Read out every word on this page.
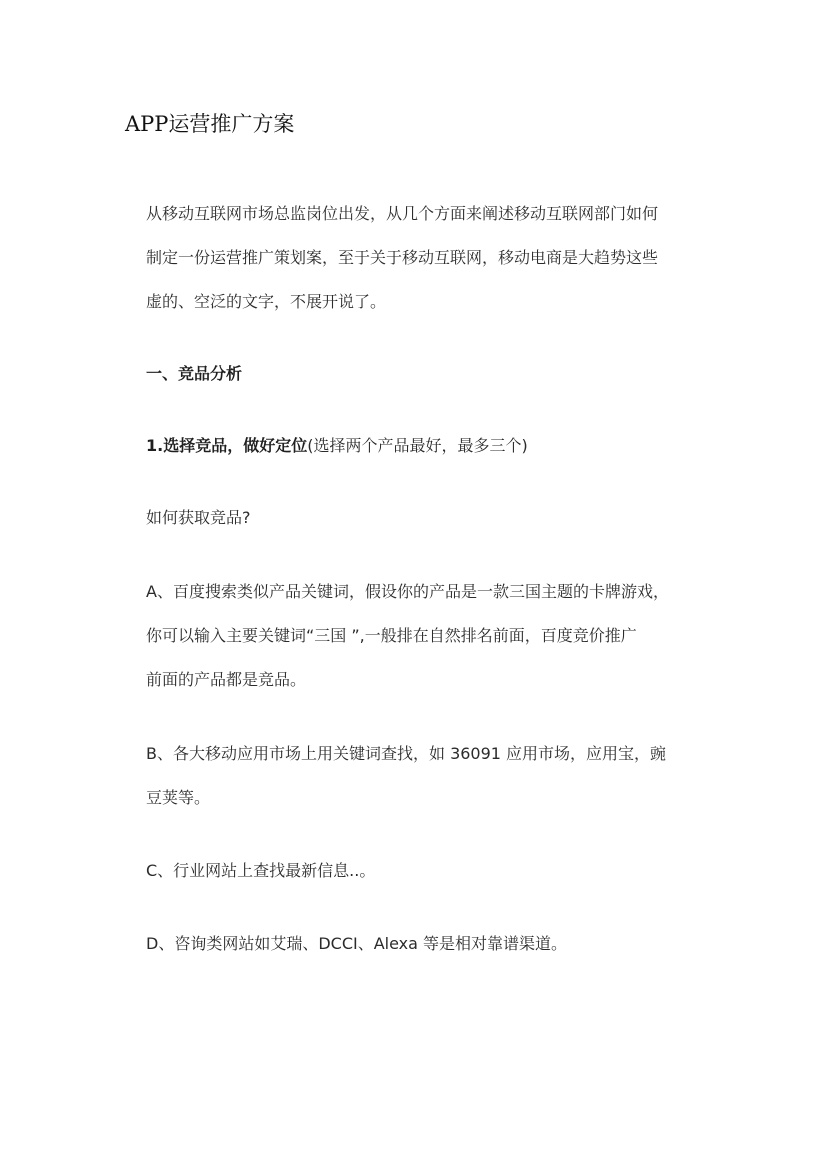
APP运营推广方案
从移动互联网市场总监岗位出发，从几个方面来阐述移动互联网部门如何
制定一份运营推广策划案，至于关于移动互联网，移动电商是大趋势这些
虚的、空泛的文字，不展开说了。
一、竞品分析
1.选择竞品，做好定位(选择两个产品最好，最多三个)
如何获取竞品?
A、百度搜索类似产品关键词，假设你的产品是一款三国主题的卡牌游戏，
你可以输入主要关键词“三国 ”,一般排在自然排名前面，百度竞价推广
前面的产品都是竞品。
B、各大移动应用市场上用关键词查找，如 36091 应用市场，应用宝，豌
豆荚等。
C、行业网站上查找最新信息..。
D、咨询类网站如艾瑞、DCCI、Alexa 等是相对靠谱渠道。
